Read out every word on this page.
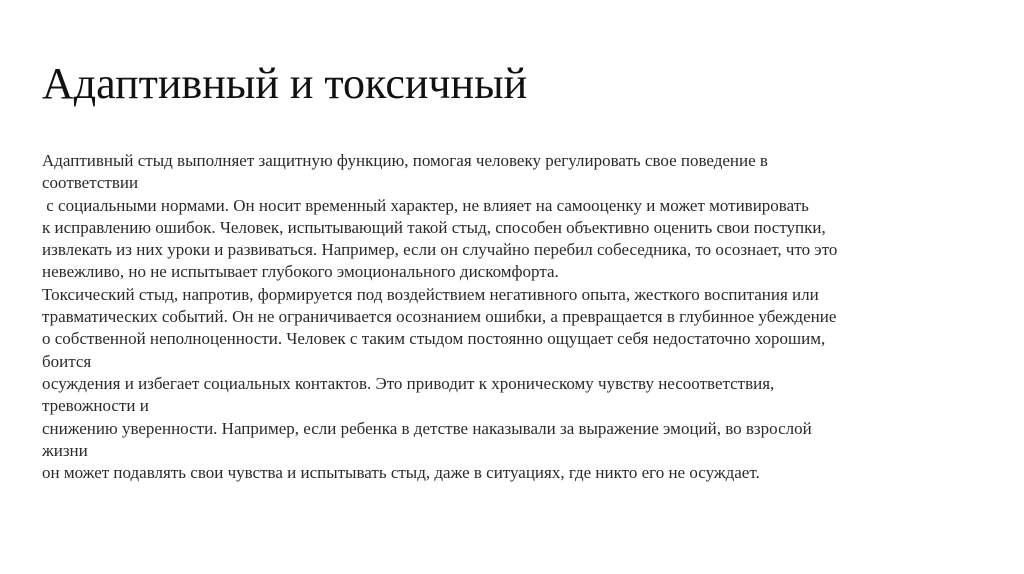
Адаптивный и токсичный
Адаптивный стыд выполняет защитную функцию, помогая человеку регулировать свое поведение в
соответствии
с социальными нормами. Он носит временный характер, не влияет на самооценку и может мотивировать
к исправлению ошибок. Человек, испытывающий такой стыд, способен объективно оценить свои поступки,
извлекать из них уроки и развиваться. Например, если он случайно перебил собеседника, то осознает, что это
невежливо, но не испытывает глубокого эмоционального дискомфорта.
Токсический стыд, напротив, формируется под воздействием негативного опыта, жесткого воспитания или
травматических событий. Он не ограничивается осознанием ошибки, а превращается в глубинное убеждение
о собственной неполноценности. Человек с таким стыдом постоянно ощущает себя недостаточно хорошим,
боится
осуждения и избегает социальных контактов. Это приводит к хроническому чувству несоответствия,
тревожности и
снижению уверенности. Например, если ребенка в детстве наказывали за выражение эмоций, во взрослой
жизни
он может подавлять свои чувства и испытывать стыд, даже в ситуациях, где никто его не осуждает.
